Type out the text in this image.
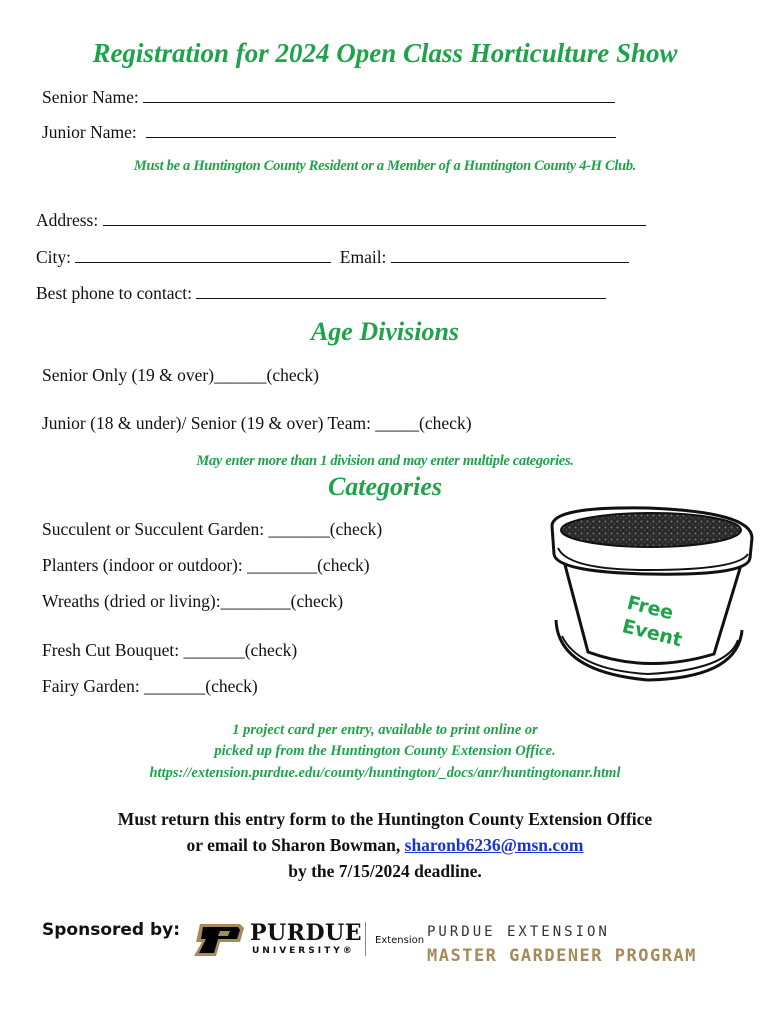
Registration for 2024 Open Class Horticulture Show
Senior Name:
Junior Name:
Must be a Huntington County Resident or a Member of a Huntington County 4-H Club.
Address:
City:	Email:
Best phone to contact:
Age Divisions
Senior Only (19 & over)______(check)
Junior (18 & under)/ Senior (19 & over) Team: _____(check)
May enter more than 1 division and may enter multiple categories.
Categories
Succulent or Succulent Garden: _______(check)
Planters (indoor or outdoor): ________(check)
Wreaths (dried or living):________(check)
Fresh Cut Bouquet: _______(check)
Fairy Garden: _______(check)
Free
Event
1 project card per entry, available to print online or
picked up from the Huntington County Extension Office.
https://extension.purdue.edu/county/huntington/_docs/anr/huntingtonanr.html
Must return this entry form to the Huntington County Extension Office
or email to Sharon Bowman, sharonb6236@msn.com
by the 7/15/2024 deadline.
Sponsored by:	PURDUE
UNIVERSITY®
Extension
PURDUE EXTENSION
MASTER GARDENER PROGRAM
